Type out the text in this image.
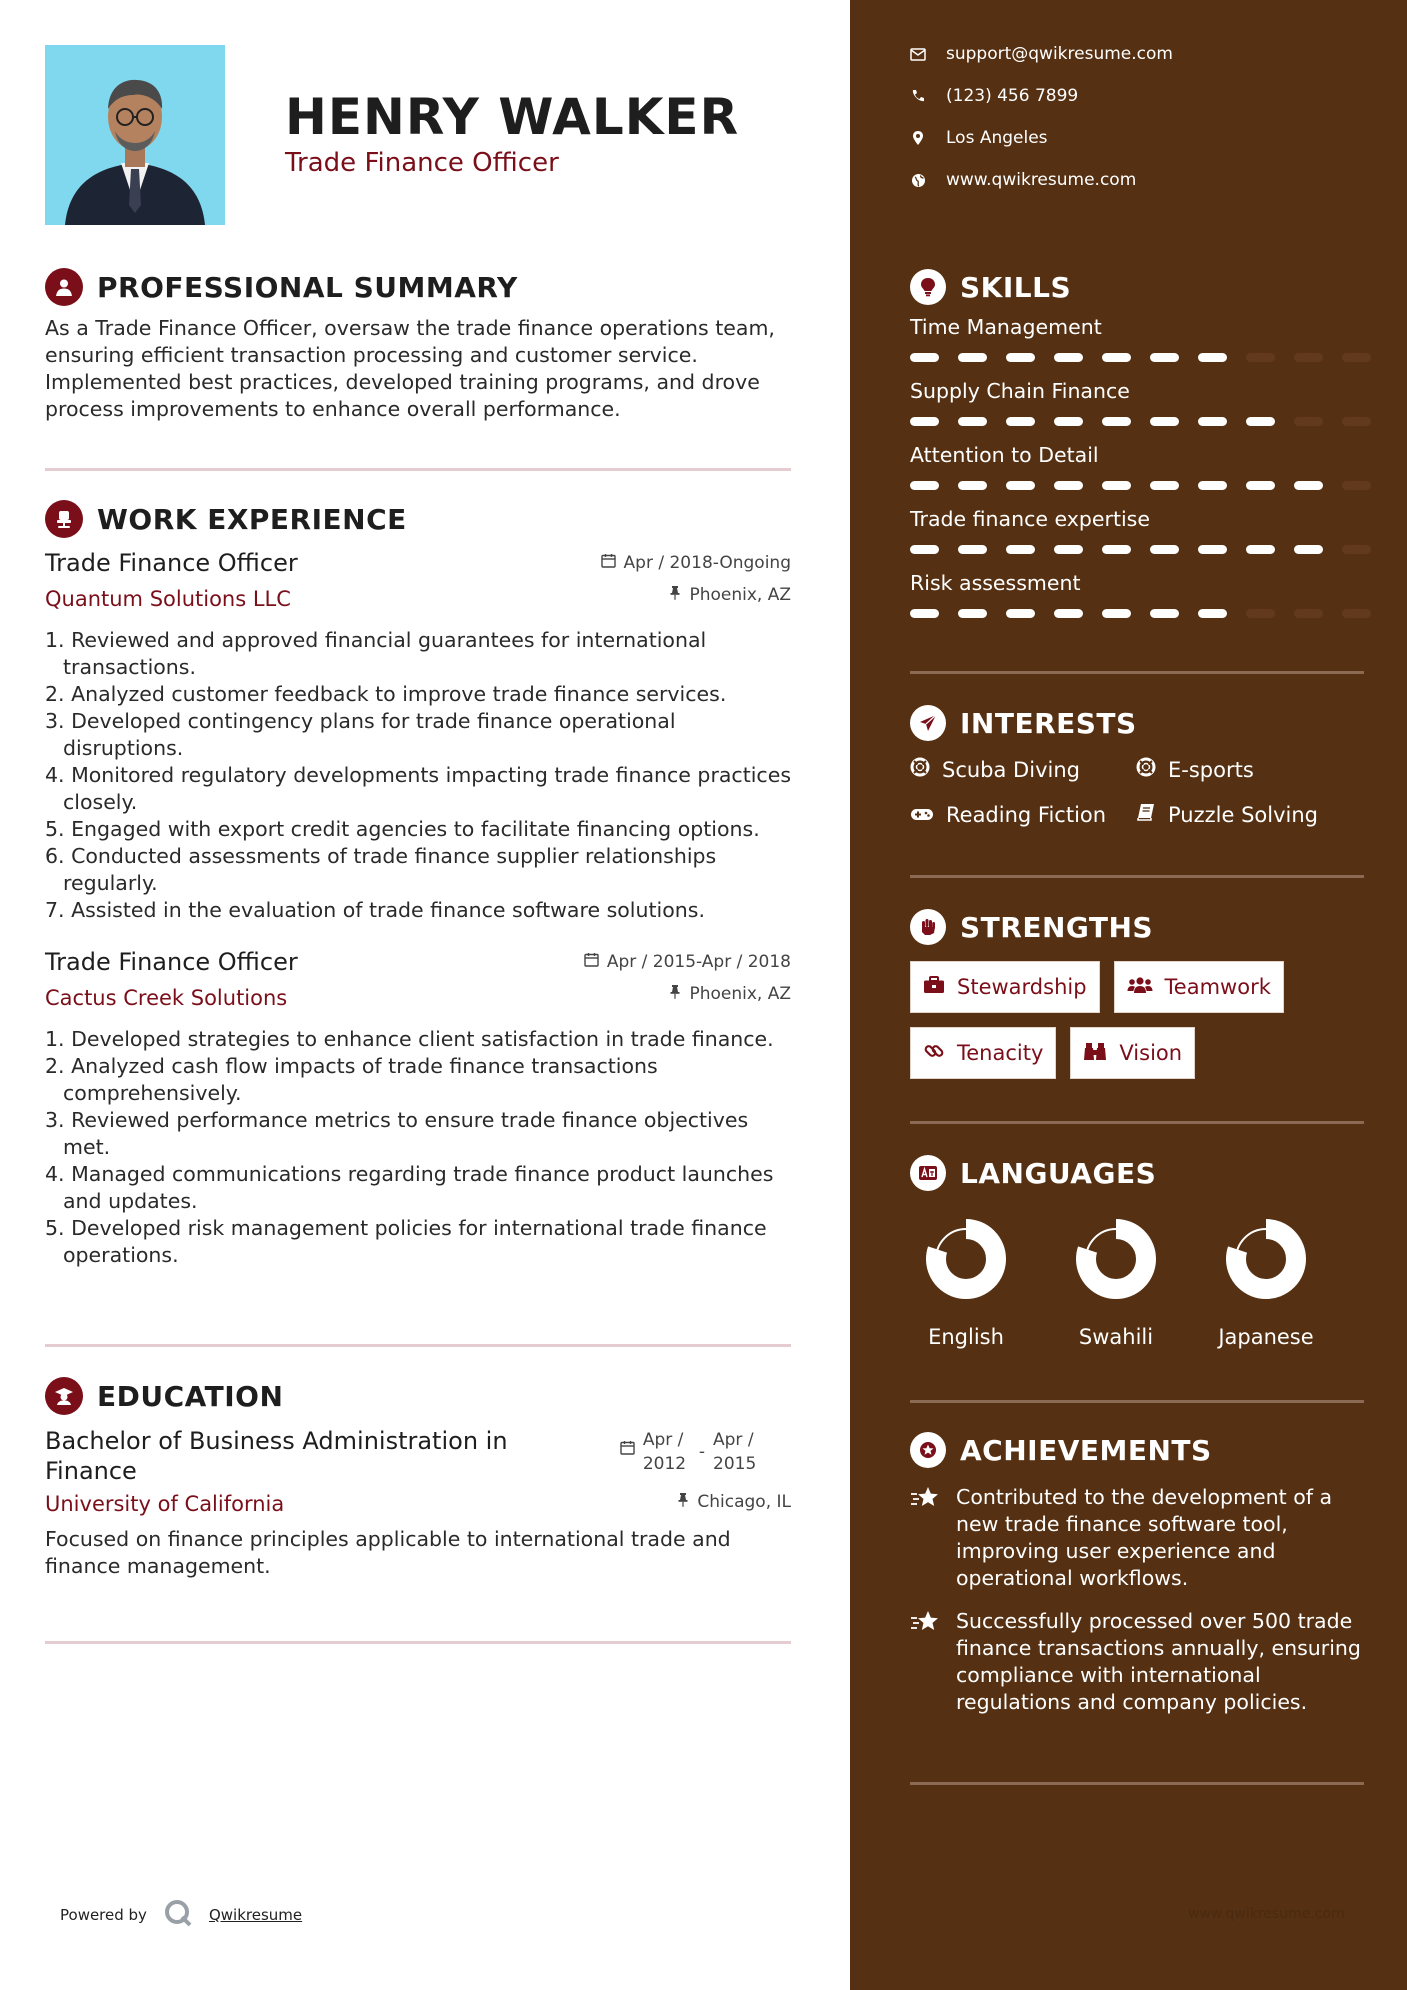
HENRY WALKER
Trade Finance Officer
PROFESSIONAL SUMMARY

As a Trade Finance Officer, oversaw the trade finance operations team, ensuring efficient transaction processing and customer service. Implemented best practices, developed training programs, and drove process improvements to enhance overall performance.

WORK EXPERIENCE
Trade Finance Officer	Apr / 2018-Ongoing
Quantum Solutions LLC	Phoenix, AZ
1. Reviewed and approved financial guarantees for international transactions.
2. Analyzed customer feedback to improve trade finance services.
3. Developed contingency plans for trade finance operational disruptions.
4. Monitored regulatory developments impacting trade finance practices closely.
5. Engaged with export credit agencies to facilitate financing options.
6. Conducted assessments of trade finance supplier relationships regularly.
7. Assisted in the evaluation of trade finance software solutions.
Trade Finance Officer	Apr / 2015-Apr / 2018
Cactus Creek Solutions	Phoenix, AZ
1. Developed strategies to enhance client satisfaction in trade finance.
2. Analyzed cash flow impacts of trade finance transactions comprehensively.
3. Reviewed performance metrics to ensure trade finance objectives met.
4. Managed communications regarding trade finance product launches and updates.
5. Developed risk management policies for international trade finance operations.
EDUCATION
Bachelor of Business Administration in Finance
Apr / 2012
-
Apr / 2015
University of California	Chicago, IL

Focused on finance principles applicable to international trade and finance management.

Powered by	Qwikresume
support@qwikresume.com
(123) 456 7899
Los Angeles
www.qwikresume.com
SKILLS
Time Management
Supply Chain Finance
Attention to Detail
Trade finance expertise
Risk assessment
INTERESTS
Scuba Diving	E-sports
Reading Fiction	Puzzle Solving
STRENGTHS
Stewardship	Teamwork
Tenacity	Vision
LANGUAGES
English	Swahili	Japanese
ACHIEVEMENTS

Contributed to the development of a new trade finance software tool, improving user experience and operational workflows.

Successfully processed over 500 trade finance transactions annually, ensuring compliance with international regulations and company policies.

www.qwikresume.com
